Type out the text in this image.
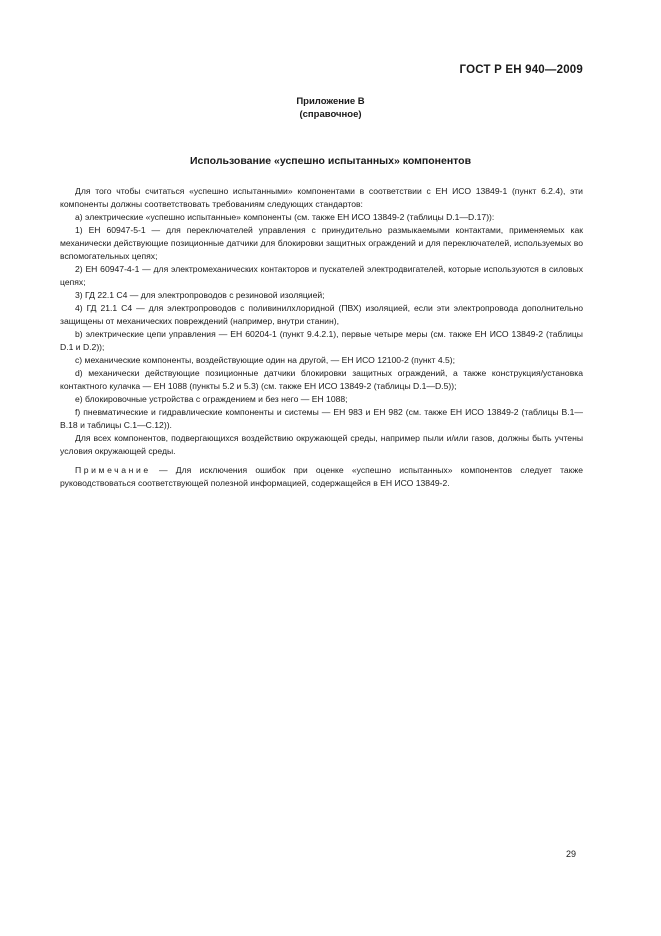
ГОСТ Р ЕН 940—2009
Приложение В
(справочное)
Использование «успешно испытанных» компонентов

Для того чтобы считаться «успешно испытанными» компонентами в соответствии с ЕН ИСО 13849-1 (пункт 6.2.4), эти компоненты должны соответствовать требованиям следующих стандартов:

а) электрические «успешно испытанные» компоненты (см. также ЕН ИСО 13849-2 (таблицы D.1—D.17)):

1) ЕН 60947-5-1 — для переключателей управления с принудительно размыкаемыми контактами, применяемых как механически действующие позиционные датчики для блокировки защитных ограждений и для переключателей, используемых во вспомогательных цепях;

2) ЕН 60947-4-1 — для электромеханических контакторов и пускателей электродвигателей, которые используются в силовых цепях;

3) ГД 22.1 С4 — для электропроводов с резиновой изоляцией;

4) ГД 21.1 С4 — для электропроводов с поливинилхлоридной (ПВХ) изоляцией, если эти электропровода дополнительно защищены от механических повреждений (например, внутри станин),

b) электрические цепи управления — ЕН 60204-1 (пункт 9.4.2.1), первые четыре меры (см. также ЕН ИСО 13849-2 (таблицы D.1 и D.2));

c) механические компоненты, воздействующие один на другой, — ЕН ИСО 12100-2 (пункт 4.5);

d) механически действующие позиционные датчики блокировки защитных ограждений, а также конструкция/установка контактного кулачка — ЕН 1088 (пункты 5.2 и 5.3) (см. также ЕН ИСО 13849-2 (таблицы D.1—D.5));

e) блокировочные устройства с ограждением и без него — ЕН 1088;

f) пневматические и гидравлические компоненты и системы — ЕН 983 и ЕН 982 (см. также ЕН ИСО 13849-2 (таблицы В.1—В.18 и таблицы С.1—С.12)).

Для всех компонентов, подвергающихся воздействию окружающей среды, например пыли и/или газов, должны быть учтены условия окружающей среды.

Примечание — Для исключения ошибок при оценке «успешно испытанных» компонентов следует также руководствоваться соответствующей полезной информацией, содержащейся в ЕН ИСО 13849-2.

29
